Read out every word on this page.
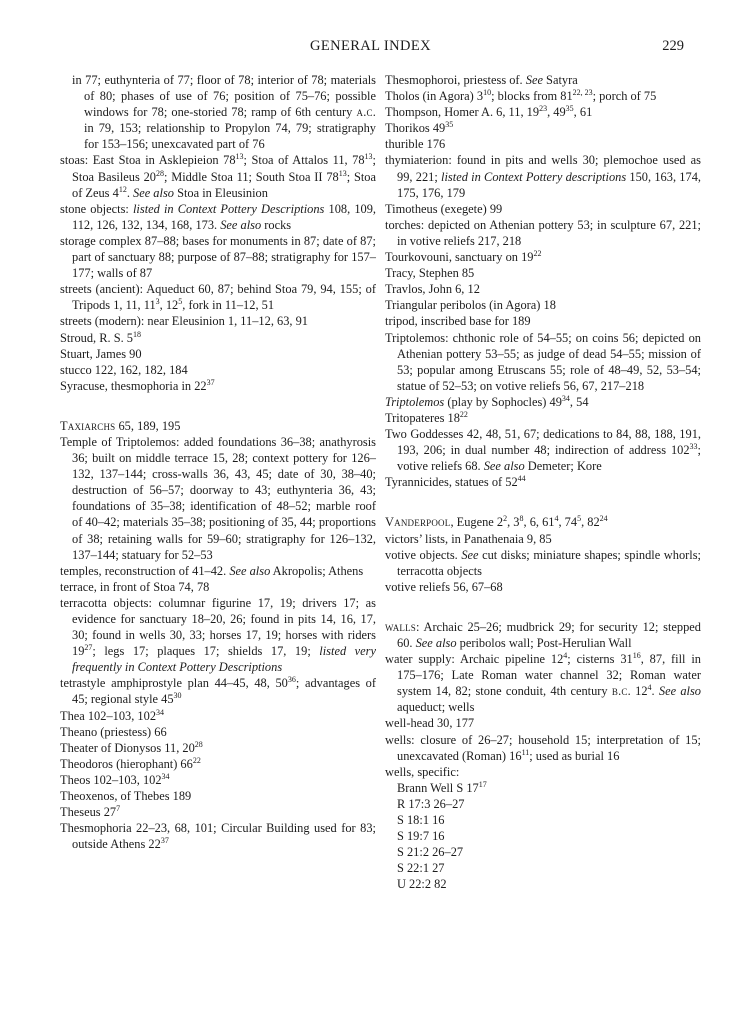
GENERAL INDEX	229
in 77; euthynteria of 77; floor of 78; interior of 78; materials of 80; phases of use of 76; position of 75–76; possible windows for 78; one-storied 78; ramp of 6th century a.c. in 79, 153; relationship to Propylon 74, 79; stratigraphy for 153–156; unexcavated part of 76
stoas: East Stoa in Asklepieion $78^{13}$; Stoa of Attalos 11, $78^{13}$; Stoa Basileus $20^{28}$; Middle Stoa 11; South Stoa II $78^{13}$; Stoa of Zeus $4^{12}$. See also Stoa in Eleusinion
stone objects: listed in Context Pottery Descriptions 108, 109, 112, 126, 132, 134, 168, 173. See also rocks
storage complex 87–88; bases for monuments in 87; date of 87; part of sanctuary 88; purpose of 87–88; stratigraphy for 157–177; walls of 87
streets (ancient): Aqueduct 60, 87; behind Stoa 79, 94, 155; of Tripods 1, 11, $11^3$, $12^5$, fork in 11–12, 51
streets (modern): near Eleusinion 1, 11–12, 63, 91
Stroud, R. S. $5^{18}$
Stuart, James 90
stucco 122, 162, 182, 184
Syracuse, thesmophoria in $22^{37}$
Taxiarchs 65, 189, 195
Temple of Triptolemos: added foundations 36–38; anathyrosis 36; built on middle terrace 15, 28; context pottery for 126–132, 137–144; cross-walls 36, 43, 45; date of 30, 38–40; destruction of 56–57; doorway to 43; euthynteria 36, 43; foundations of 35–38; identification of 48–52; marble roof of 40–42; materials 35–38; positioning of 35, 44; proportions of 38; retaining walls for 59–60; stratigraphy for 126–132, 137–144; statuary for 52–53
temples, reconstruction of 41–42. See also Akropolis; Athens
terrace, in front of Stoa 74, 78
terracotta objects: columnar figurine 17, 19; drivers 17; as evidence for sanctuary 18–20, 26; found in pits 14, 16, 17, 30; found in wells 30, 33; horses 17, 19; horses with riders $19^{27}$; legs 17; plaques 17; shields 17, 19; listed very frequently in Context Pottery Descriptions
tetrastyle amphiprostyle plan 44–45, 48, $50^{36}$; advantages of 45; regional style $45^{30}$
Thea 102–103, $102^{34}$
Theano (priestess) 66
Theater of Dionysos 11, $20^{28}$
Theodoros (hierophant) $66^{22}$
Theos 102–103, $102^{34}$
Theoxenos, of Thebes 189
Theseus $27^7$
Thesmophoria 22–23, 68, 101; Circular Building used for 83; outside Athens $22^{37}$
Thesmophoroi, priestess of. See Satyra
Tholos (in Agora) $3^{10}$; blocks from 81$^{22, 23}$; porch of 75
Thompson, Homer A. 6, 11, $19^{23}$, $49^{35}$, 61
Thorikos $49^{35}$
thurible 176
thymiaterion: found in pits and wells 30; plemochoe used as 99, 221; listed in Context Pottery descriptions 150, 163, 174, 175, 176, 179
Timotheus (exegete) 99
torches: depicted on Athenian pottery 53; in sculpture 67, 221; in votive reliefs 217, 218
Tourkovouni, sanctuary on $19^{22}$
Tracy, Stephen 85
Travlos, John 6, 12
Triangular peribolos (in Agora) 18
tripod, inscribed base for 189
Triptolemos: chthonic role of 54–55; on coins 56; depicted on Athenian pottery 53–55; as judge of dead 54–55; mission of 53; popular among Etruscans 55; role of 48–49, 52, 53–54; statue of 52–53; on votive reliefs 56, 67, 217–218
Triptolemos (play by Sophocles) $49^{34}$, 54
Tritopateres $18^{22}$
Two Goddesses 42, 48, 51, 67; dedications to 84, 88, 188, 191, 193, 206; in dual number 48; indirection of address $102^{33}$; votive reliefs 68. See also Demeter; Kore
Tyrannicides, statues of $52^{44}$
Vanderpool, Eugene $2^2$, $3^8$, 6, $61^4$, $74^5$, $82^{24}$
victors’ lists, in Panathenaia 9, 85
votive objects. See cut disks; miniature shapes; spindle whorls; terracotta objects
votive reliefs 56, 67–68
walls: Archaic 25–26; mudbrick 29; for security 12; stepped 60. See also peribolos wall; Post-Herulian Wall
water supply: Archaic pipeline $12^4$; cisterns $31^{16}$, 87, fill in 175–176; Late Roman water channel 32; Roman water system 14, 82; stone conduit, 4th century b.c. $12^4$. See also aqueduct; wells
well-head 30, 177
wells: closure of 26–27; household 15; interpretation of 15; unexcavated (Roman) $16^{11}$; used as burial 16
wells, specific:
Brann Well S $17^{17}$
R 17:3 26–27
S 18:1 16
S 19:7 16
S 21:2 26–27
S 22:1 27
U 22:2 82
